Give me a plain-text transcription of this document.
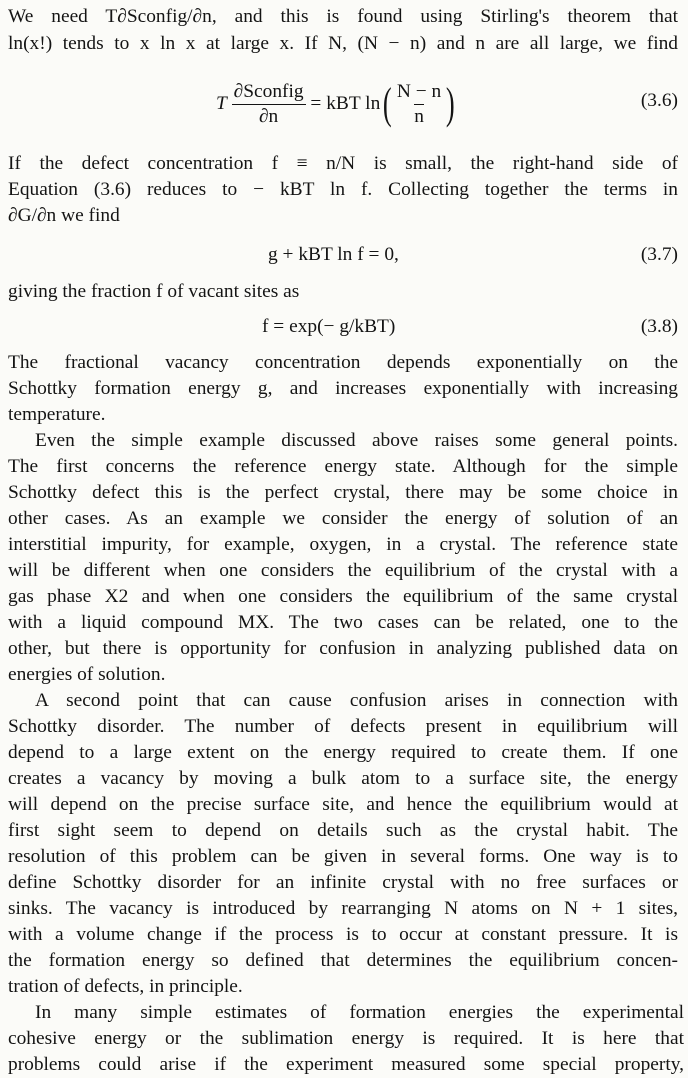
We need T∂Sconfig/∂n, and this is found using Stirling's theorem that
ln(x!) tends to x ln x at large x. If N, (N − n) and n are all large, we find
T
$\frac{\text{∂Sconfig}}{\partial n}$
= kBT ln ( $\frac{N - n}{n}$ )	(3.6)
If the defect concentration f ≡ n/N is small, the right-hand side of
Equation (3.6) reduces to − kBT ln f. Collecting together the terms in
∂G/∂n we find
g + kBT ln f = 0,	(3.7)
giving the fraction f of vacant sites as
f = exp(− g/kBT)	(3.8)
The fractional vacancy concentration depends exponentially on the
Schottky formation energy g, and increases exponentially with increasing
temperature.
Even the simple example discussed above raises some general points.
The first concerns the reference energy state. Although for the simple
Schottky defect this is the perfect crystal, there may be some choice in
other cases. As an example we consider the energy of solution of an
interstitial impurity, for example, oxygen, in a crystal. The reference state
will be different when one considers the equilibrium of the crystal with a
gas phase X2 and when one considers the equilibrium of the same crystal
with a liquid compound MX. The two cases can be related, one to the
other, but there is opportunity for confusion in analyzing published data on
energies of solution.
A second point that can cause confusion arises in connection with
Schottky disorder. The number of defects present in equilibrium will
depend to a large extent on the energy required to create them. If one
creates a vacancy by moving a bulk atom to a surface site, the energy
will depend on the precise surface site, and hence the equilibrium would at
first sight seem to depend on details such as the crystal habit. The
resolution of this problem can be given in several forms. One way is to
define Schottky disorder for an infinite crystal with no free surfaces or
sinks. The vacancy is introduced by rearranging N atoms on N + 1 sites,
with a volume change if the process is to occur at constant pressure. It is
the formation energy so defined that determines the equilibrium concen-
tration of defects, in principle.
In many simple estimates of formation energies the experimental
cohesive energy or the sublimation energy is required. It is here that
problems could arise if the experiment measured some special property,
